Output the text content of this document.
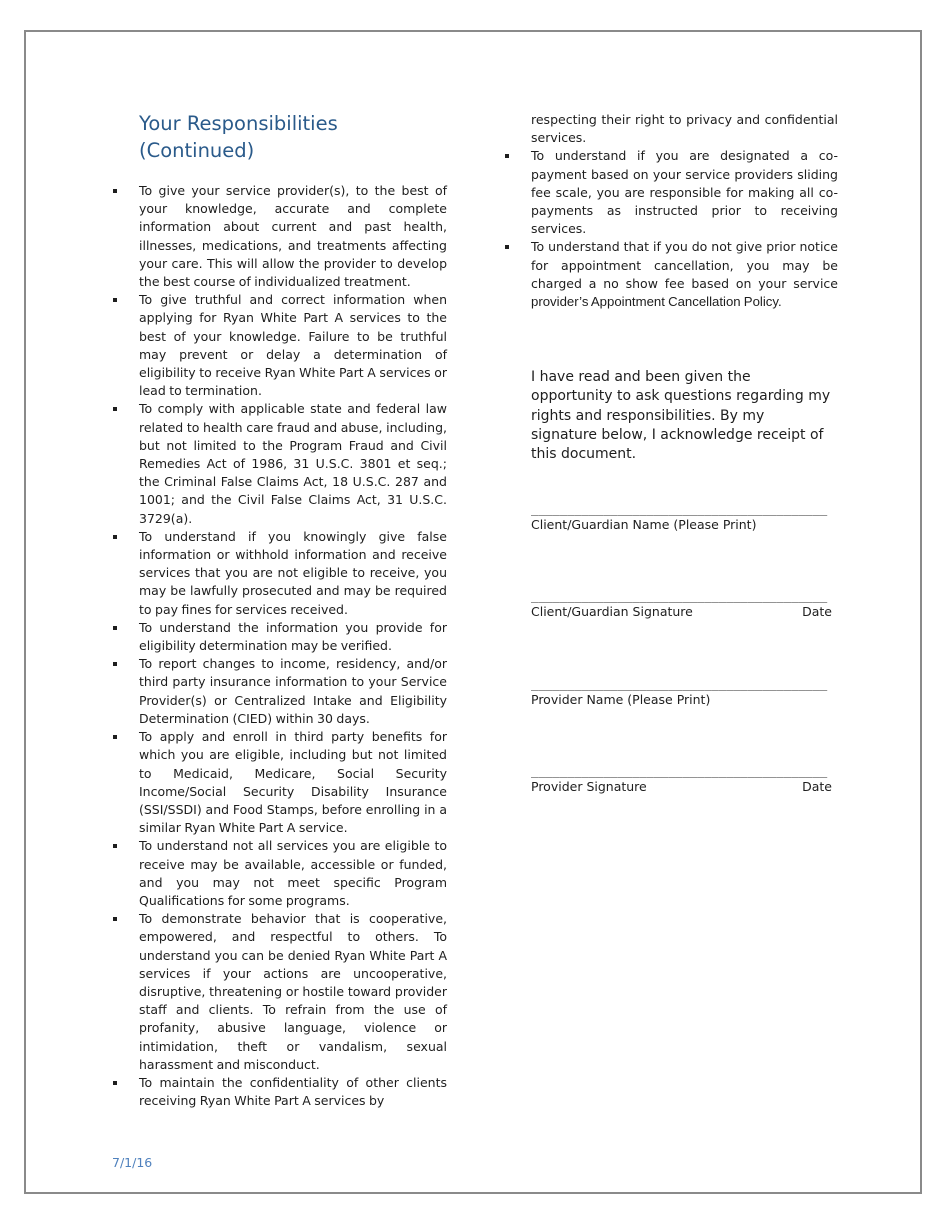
Your Responsibilities (Continued)
To give your service provider(s), to the best of your knowledge, accurate and complete information about current and past health, illnesses, medications, and treatments affecting your care. This will allow the provider to develop the best course of individualized treatment.
To give truthful and correct information when applying for Ryan White Part A services to the best of your knowledge. Failure to be truthful may prevent or delay a determination of eligibility to receive Ryan White Part A services or lead to termination.
To comply with applicable state and federal law related to health care fraud and abuse, including, but not limited to the Program Fraud and Civil Remedies Act of 1986, 31 U.S.C. 3801 et seq.; the Criminal False Claims Act, 18 U.S.C. 287 and 1001; and the Civil False Claims Act, 31 U.S.C. 3729(a).
To understand if you knowingly give false information or withhold information and receive services that you are not eligible to receive, you may be lawfully prosecuted and may be required to pay fines for services received.
To understand the information you provide for eligibility determination may be verified.
To report changes to income, residency, and/or third party insurance information to your Service Provider(s) or Centralized Intake and Eligibility Determination (CIED) within 30 days.
To apply and enroll in third party benefits for which you are eligible, including but not limited to Medicaid, Medicare, Social Security Income/Social Security Disability Insurance (SSI/SSDI) and Food Stamps, before enrolling in a similar Ryan White Part A service.
To understand not all services you are eligible to receive may be available, accessible or funded, and you may not meet specific Program Qualifications for some programs.
To demonstrate behavior that is cooperative, empowered, and respectful to others. To understand you can be denied Ryan White Part A services if your actions are uncooperative, disruptive, threatening or hostile toward provider staff and clients. To refrain from the use of profanity, abusive language, violence or intimidation, theft or vandalism, sexual harassment and misconduct.
To maintain the confidentiality of other clients receiving Ryan White Part A services by
respecting their right to privacy and confidential services.
To understand if you are designated a co-payment based on your service providers sliding fee scale, you are responsible for making all co-payments as instructed prior to receiving services.
To understand that if you do not give prior notice for appointment cancellation, you may be charged a no show fee based on your service provider’s Appointment Cancellation Policy.

I have read and been given the opportunity to ask questions regarding my rights and responsibilities. By my signature below, I acknowledge receipt of this document.

_________________________________________
Client/Guardian Name (Please Print)
_________________________________________
Client/Guardian Signature	Date
_________________________________________
Provider Name (Please Print)
_________________________________________
Provider Signature	Date
7/1/16
